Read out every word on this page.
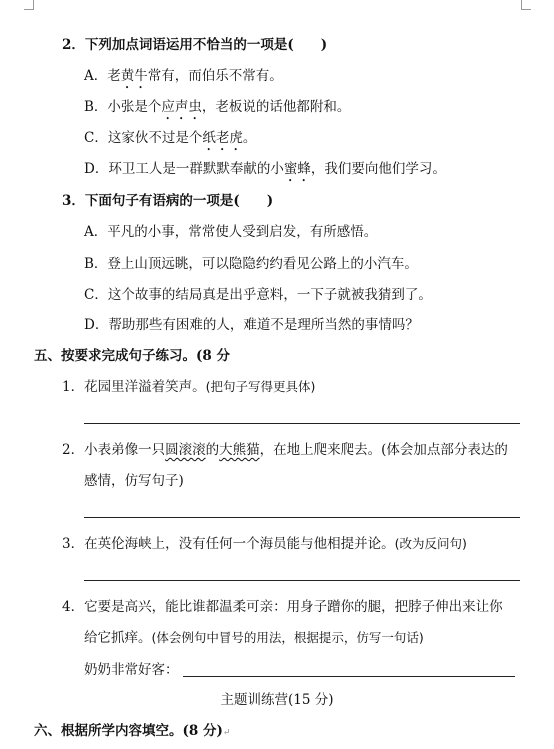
2．下列加点词语运用不恰当的一项是(　　)
A．老黄牛常有，而伯乐不常有。
B．小张是个应声虫，老板说的话他都附和。
C．这家伙不过是个纸老虎。
D．环卫工人是一群默默奉献的小蜜蜂，我们要向他们学习。
3．下面句子有语病的一项是(　　)
A．平凡的小事，常常使人受到启发，有所感悟。
B．登上山顶远眺，可以隐隐约约看见公路上的小汽车。
C．这个故事的结局真是出乎意料，一下子就被我猜到了。
D．帮助那些有困难的人，难道不是理所当然的事情吗？
五、按要求完成句子练习。(8 分
1．花园里洋溢着笑声。(把句子写得更具体)
2．小表弟像一只圆滚滚的大熊猫，在地上爬来爬去。(体会加点部分表达的
感情，仿写句子)
3．在英伦海峡上，没有任何一个海员能与他相提并论。(改为反问句)
4．它要是高兴，能比谁都温柔可亲：用身子蹭你的腿，把脖子伸出来让你
给它抓痒。(体会例句中冒号的用法，根据提示，仿写一句话)
奶奶非常好客：
主题训练营(15 分)
六、根据所学内容填空。(8 分)↵
